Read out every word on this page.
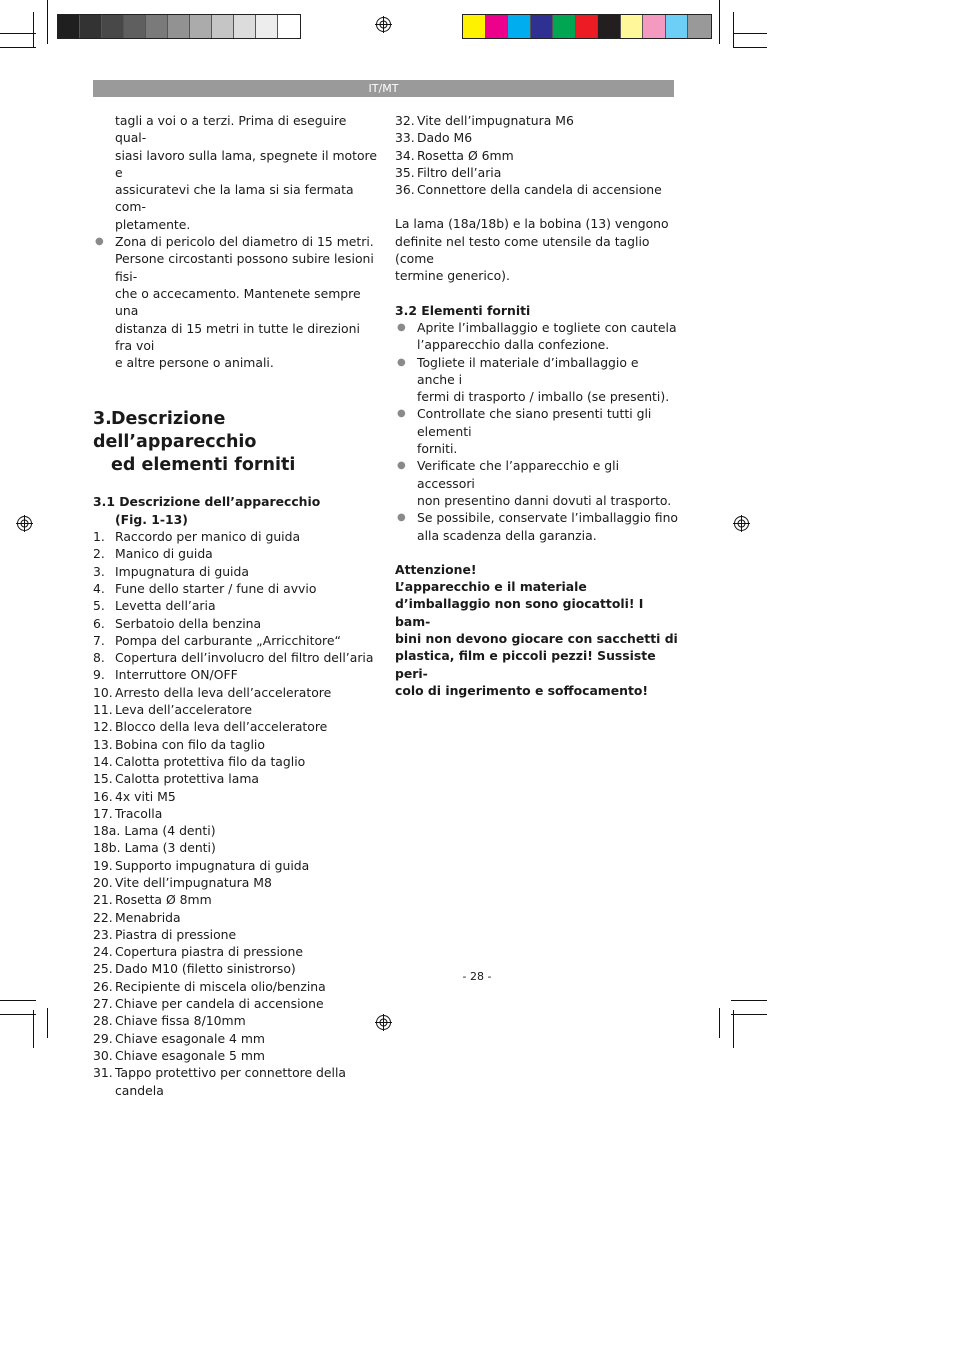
IT/MT
tagli a voi o a terzi. Prima di eseguire qual-
siasi lavoro sulla lama, spegnete il motore e
assicuratevi che la lama si sia fermata com-
pletamente.
● Zona di pericolo del diametro di 15 metri.
Persone circostanti possono subire lesioni fisi-
che o accecamento. Mantenete sempre una
distanza di 15 metri in tutte le direzioni fra voi
e altre persone o animali.
3.Descrizione dell’apparecchio
ed elementi forniti
3.1 Descrizione dell’apparecchio
(Fig. 1-13)
1. Raccordo per manico di guida
2. Manico di guida
3. Impugnatura di guida
4. Fune dello starter / fune di avvio
5. Levetta dell’aria
6. Serbatoio della benzina
7. Pompa del carburante „Arricchitore“
8. Copertura dell’involucro del filtro dell’aria
9. Interruttore ON/OFF
10. Arresto della leva dell’acceleratore
11. Leva dell’acceleratore
12. Blocco della leva dell’acceleratore
13. Bobina con filo da taglio
14. Calotta protettiva filo da taglio
15. Calotta protettiva lama
16. 4x viti M5
17. Tracolla
18a. Lama (4 denti)
18b. Lama (3 denti)
19. Supporto impugnatura di guida
20. Vite dell’impugnatura M8
21. Rosetta Ø 8mm
22. Menabrida
23. Piastra di pressione
24. Copertura piastra di pressione
25. Dado M10 (filetto sinistrorso)
26. Recipiente di miscela olio/benzina
27. Chiave per candela di accensione
28. Chiave fissa 8/10mm
29. Chiave esagonale 4 mm
30. Chiave esagonale 5 mm
31. Tappo protettivo per connettore della candela
32. Vite dell’impugnatura M6
33. Dado M6
34. Rosetta Ø 6mm
35. Filtro dell’aria
36. Connettore della candela di accensione
La lama (18a/18b) e la bobina (13) vengono
definite nel testo come utensile da taglio (come
termine generico).
3.2 Elementi forniti
● Aprite l’imballaggio e togliete con cautela
l’apparecchio dalla confezione.
● Togliete il materiale d’imballaggio e anche i
fermi di trasporto / imballo (se presenti).
● Controllate che siano presenti tutti gli elementi
forniti.
● Verificate che l’apparecchio e gli accessori
non presentino danni dovuti al trasporto.
● Se possibile, conservate l’imballaggio fino
alla scadenza della garanzia.
Attenzione!
L’apparecchio e il materiale
d’imballaggio non sono giocattoli! I bam-
bini non devono giocare con sacchetti di
plastica, film e piccoli pezzi! Sussiste peri-
colo di ingerimento e soffocamento!
- 28 -
